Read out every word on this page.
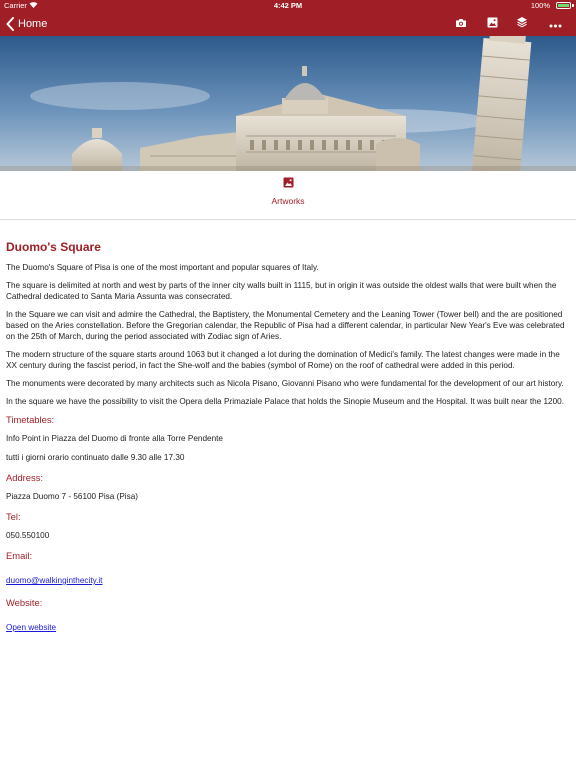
Carrier	4:42 PM	100%
Home
Artworks
Duomo's Square

The Duomo's Square of Pisa is one of the most important and popular squares of Italy.

The square is delimited at north and west by parts of the inner city walls built in 1115, but in origin it was outside the oldest walls that were built when the Cathedral dedicated to Santa Maria Assunta was consecrated.

In the Square we can visit and admire the Cathedral, the Baptistery, the Monumental Cemetery and the Leaning Tower (Tower bell) and the are positioned based on the Aries constellation. Before the Gregorian calendar, the Republic of Pisa had a different calendar, in particular New Year's Eve was celebrated on the 25th of March, during the period associated with Zodiac sign of Aries.

The modern structure of the square starts around 1063 but it changed a lot during the domination of Medici's family. The latest changes were made in the XX century during the fascist period, in fact the She-wolf and the babies (symbol of Rome) on the roof of cathedral were added in this period.

The monuments were decorated by many architects such as Nicola Pisano, Giovanni Pisano who were fundamental for the development of our art history.

In the square we have the possibility to visit the Opera della Primaziale Palace that holds the Sinopie Museum and the Hospital. It was built near the 1200.

Timetables:
Info Point in Piazza del Duomo di fronte alla Torre Pendente
tutti i giorni orario continuato dalle 9.30 alle 17.30
Address:
Piazza Duomo 7 - 56100 Pisa (Pisa)
Tel:
050.550100
Email:
duomo@walkinginthecity.it
Website:
Open website
